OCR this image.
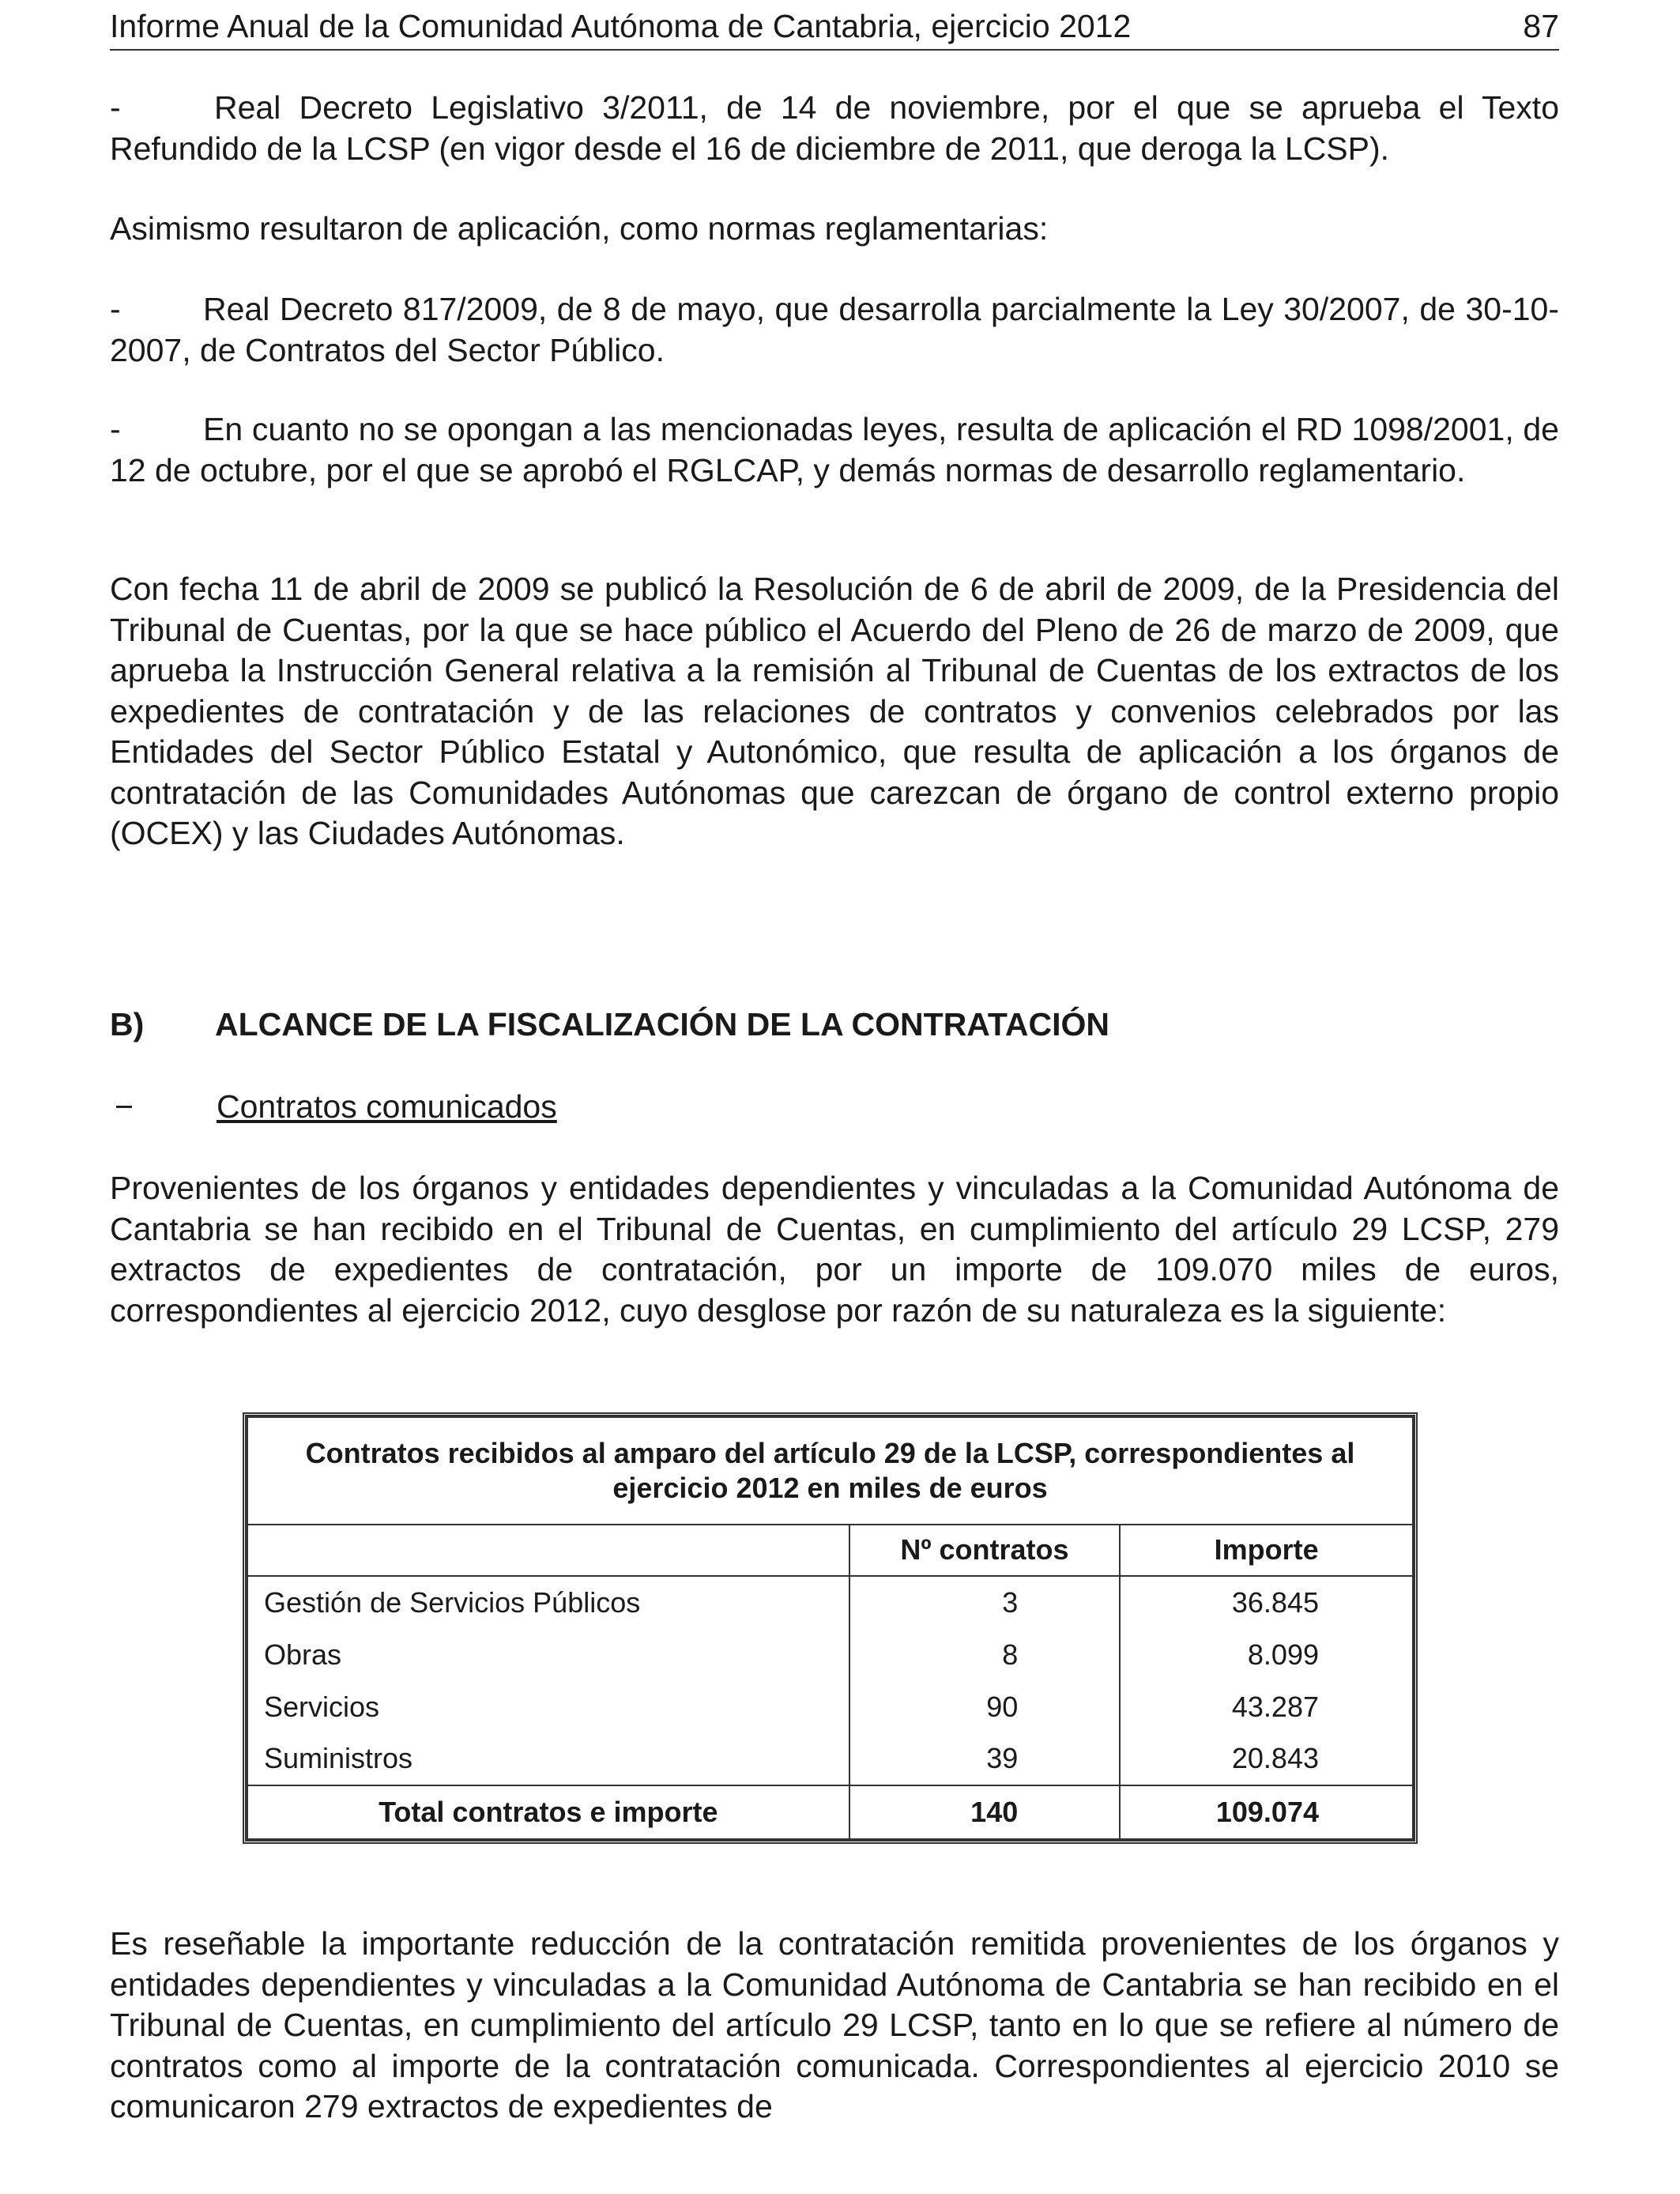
Informe Anual de la Comunidad Autónoma de Cantabria, ejercicio 2012	87

-	Real Decreto Legislativo 3/2011, de 14 de noviembre, por el que se aprueba el Texto Refundido de la LCSP (en vigor desde el 16 de diciembre de 2011, que deroga la LCSP).

Asimismo resultaron de aplicación, como normas reglamentarias:

-	Real Decreto 817/2009, de 8 de mayo, que desarrolla parcialmente la Ley 30/2007, de 30-10-2007, de Contratos del Sector Público.

-	En cuanto no se opongan a las mencionadas leyes, resulta de aplicación el RD 1098/2001, de 12 de octubre, por el que se aprobó el RGLCAP, y demás normas de desarrollo reglamentario.

Con fecha 11 de abril de 2009 se publicó la Resolución de 6 de abril de 2009, de la Presidencia del Tribunal de Cuentas, por la que se hace público el Acuerdo del Pleno de 26 de marzo de 2009, que aprueba la Instrucción General relativa a la remisión al Tribunal de Cuentas de los extractos de los expedientes de contratación y de las relaciones de contratos y convenios celebrados por las Entidades del Sector Público Estatal y Autonómico, que resulta de aplicación a los órganos de contratación de las Comunidades Autónomas que carezcan de órgano de control externo propio (OCEX) y las Ciudades Autónomas.

B) ALCANCE DE LA FISCALIZACIÓN DE LA CONTRATACIÓN
−	Contratos comunicados

Provenientes de los órganos y entidades dependientes y vinculadas a la Comunidad Autónoma de Cantabria se han recibido en el Tribunal de Cuentas, en cumplimiento del artículo 29 LCSP, 279 extractos de expedientes de contratación, por un importe de 109.070 miles de euros, correspondientes al ejercicio 2012, cuyo desglose por razón de su naturaleza es la siguiente:

Contratos recibidos al amparo del artículo 29 de la LCSP, correspondientes al ejercicio 2012 en miles de euros		
	Nº contratos	Importe
Gestión de Servicios Públicos	3	36.845
Obras	8	8.099
Servicios	90	43.287
Suministros	39	20.843
Total contratos e importe	140	109.074

Es reseñable la importante reducción de la contratación remitida provenientes de los órganos y entidades dependientes y vinculadas a la Comunidad Autónoma de Cantabria se han recibido en el Tribunal de Cuentas, en cumplimiento del artículo 29 LCSP, tanto en lo que se refiere al número de contratos como al importe de la contratación comunicada. Correspondientes al ejercicio 2010 se comunicaron 279 extractos de expedientes de
